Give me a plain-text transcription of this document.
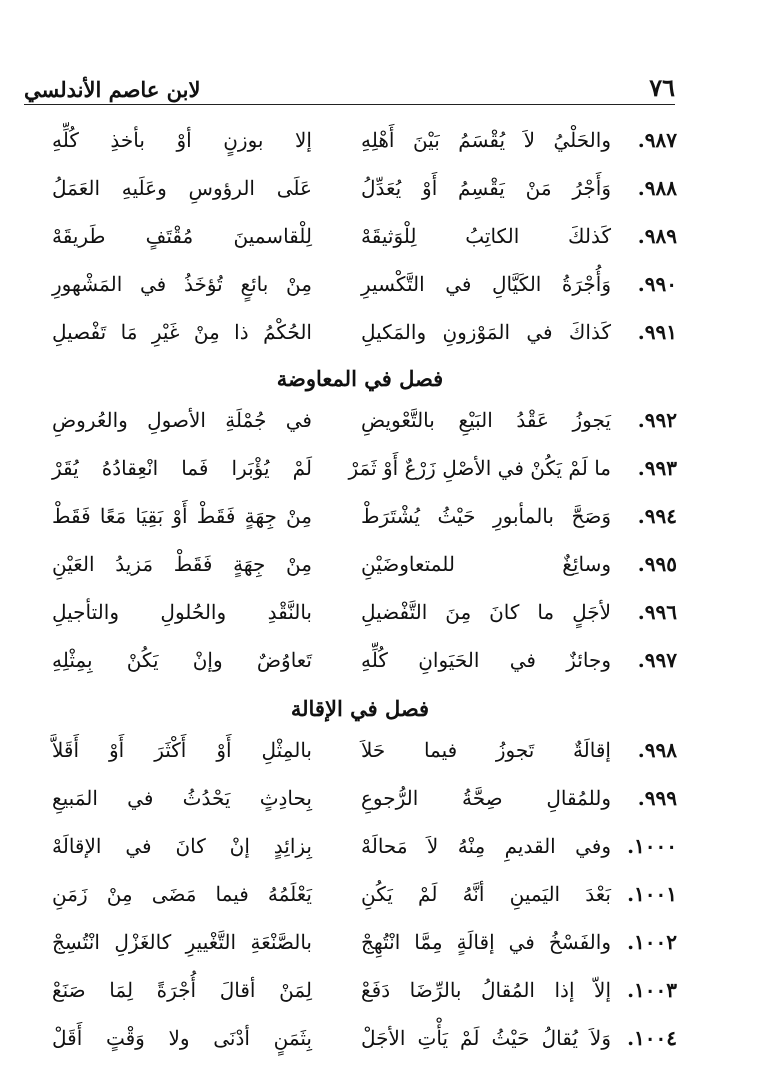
٧٦
لابن عاصم الأندلسي
٩٨٧.
والحَلْيُ لاَ يُقْسَمُ بَيْنَ أَهْلِهِ
إلا بوزنٍ أوْ بأخذِ كُلِّهِ
٩٨٨.
وَأَجْرُ مَنْ يَقْسِمُ أَوْ يُعَدِّلُ
عَلَى الرؤوسِ وعَلَيهِ العَمَلُ
٩٨٩.
كَذلكَ الكاتِبُ لِلْوَثيقَهْ
لِلْقاسمينَ مُقْتَفٍ طَريقَهْ
٩٩٠.
وَأُجْرَةُ الكَيَّالِ في التَّكْسيرِ
مِنْ بائعٍ تُؤخَذُ في المَشْهورِ
٩٩١.
كَذاكَ في المَوْزونِ والمَكيلِ
الحُكْمُ ذا مِنْ غَيْرِ مَا تَفْصيلِ
فصل في المعاوضة
٩٩٢.
يَجوزُ عَقْدُ البَيْعِ بالتَّعْويضِ
في جُمْلَةِ الأصولِ والعُروضِ
٩٩٣.
ما لَمْ يَكُنْ في الأصْلِ زَرْعٌ أَوْ ثَمَرْ
لَمْ يُؤْبَرا فَما انْعِقادُهُ يُقَرْ
٩٩٤.
وَصَحَّ بالمأبورِ حَيْثُ يُشْتَرَطْ
مِنْ جِهَةٍ فَقَطْ أَوْ بَقِيَا مَعًا فَقَطْ
٩٩٥.
وسائِغٌ للمتعاوضَيْنِ
مِنْ جِهَةٍ فَقَطْ مَزيدُ العَيْنِ
٩٩٦.
لأجَلٍ ما كانَ مِنَ التَّفْضيلِ
بالنَّقْدِ والحُلولِ والتأجيلِ
٩٩٧.
وجائزٌ في الحَيَوانِ كُلِّهِ
تَعاوُضٌ وإنْ يَكُنْ بِمِثْلِهِ
فصل في الإقالة
٩٩٨.
إقالَةٌ تَجوزُ فيما حَلاَ
بالمِثْلِ أَوْ أَكْثَرَ أَوْ أَقَلاَّ
٩٩٩.
وللمُقالِ صِحَّةُ الرُّجوعِ
بِحادِثٍ يَحْدُثُ في المَبيعِ
١٠٠٠.
وفي القديمِ مِنْهُ لاَ مَحالَهْ
بِزائِدٍ إنْ كانَ في الإقالَهْ
١٠٠١.
بَعْدَ اليَمينِ أنَّهُ لَمْ يَكُنِ
يَعْلَمُهُ فيما مَضَى مِنْ زَمَنِ
١٠٠٢.
والفَسْخُ في إقالَةٍ مِمَّا انْتُهِجْ
بالصَّنْعَةِ التَّغْييرِ كالغَزْلِ انْتُسِجْ
١٠٠٣.
إلاّ إذا المُقالُ بالرِّضَا دَفَعْ
لِمَنْ أقالَ أُجْرَةً لِمَا صَنَعْ
١٠٠٤.
وَلاَ يُقالُ حَيْثُ لَمْ يَأْتِ الأجَلْ
بِثَمَنٍ أدْنَى ولا وَقْتٍ أَقَلْ
